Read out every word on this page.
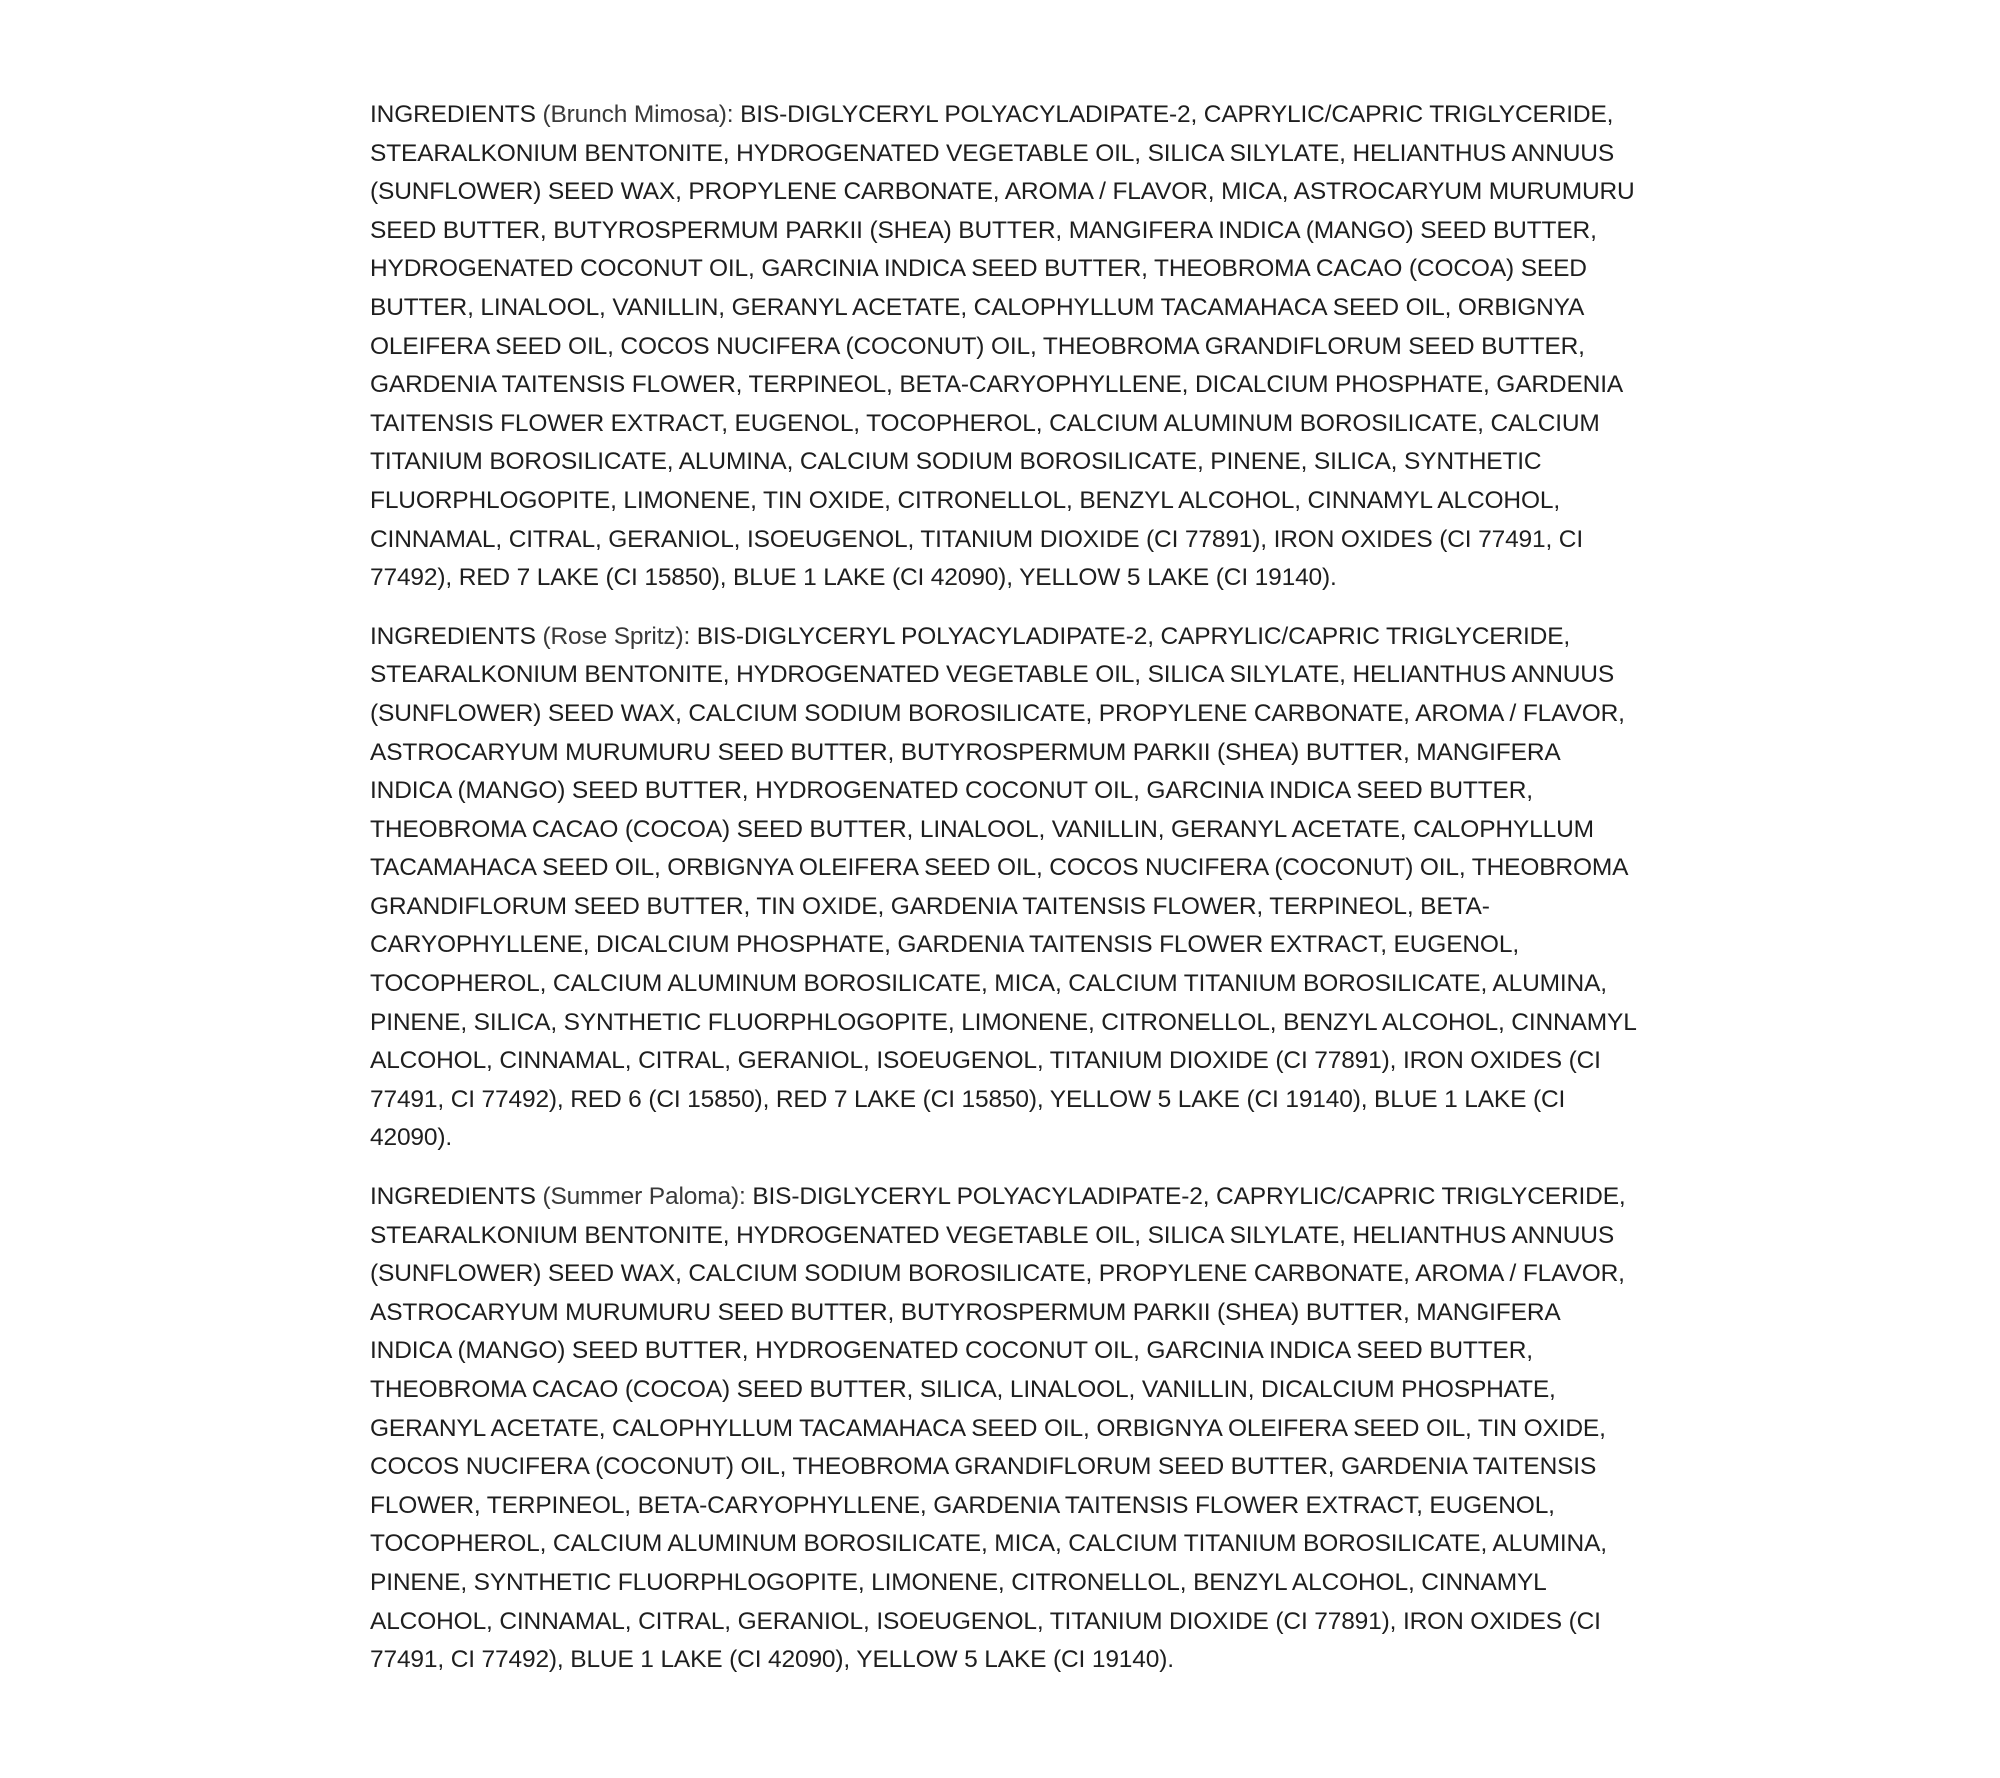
INGREDIENTS (Brunch Mimosa): BIS-DIGLYCERYL POLYACYLADIPATE-2, CAPRYLIC/CAPRIC TRIGLYCERIDE, STEARALKONIUM BENTONITE, HYDROGENATED VEGETABLE OIL, SILICA SILYLATE, HELIANTHUS ANNUUS (SUNFLOWER) SEED WAX, PROPYLENE CARBONATE, AROMA / FLAVOR, MICA, ASTROCARYUM MURUMURU SEED BUTTER, BUTYROSPERMUM PARKII (SHEA) BUTTER, MANGIFERA INDICA (MANGO) SEED BUTTER, HYDROGENATED COCONUT OIL, GARCINIA INDICA SEED BUTTER, THEOBROMA CACAO (COCOA) SEED BUTTER, LINALOOL, VANILLIN, GERANYL ACETATE, CALOPHYLLUM TACAMAHACA SEED OIL, ORBIGNYA OLEIFERA SEED OIL, COCOS NUCIFERA (COCONUT) OIL, THEOBROMA GRANDIFLORUM SEED BUTTER, GARDENIA TAITENSIS FLOWER, TERPINEOL, BETA-CARYOPHYLLENE, DICALCIUM PHOSPHATE, GARDENIA TAITENSIS FLOWER EXTRACT, EUGENOL, TOCOPHEROL, CALCIUM ALUMINUM BOROSILICATE, CALCIUM TITANIUM BOROSILICATE, ALUMINA, CALCIUM SODIUM BOROSILICATE, PINENE, SILICA, SYNTHETIC FLUORPHLOGOPITE, LIMONENE, TIN OXIDE, CITRONELLOL, BENZYL ALCOHOL, CINNAMYL ALCOHOL, CINNAMAL, CITRAL, GERANIOL, ISOEUGENOL, TITANIUM DIOXIDE (CI 77891), IRON OXIDES (CI 77491, CI 77492), RED 7 LAKE (CI 15850), BLUE 1 LAKE (CI 42090), YELLOW 5 LAKE (CI 19140).

INGREDIENTS (Rose Spritz): BIS-DIGLYCERYL POLYACYLADIPATE-2, CAPRYLIC/CAPRIC TRIGLYCERIDE, STEARALKONIUM BENTONITE, HYDROGENATED VEGETABLE OIL, SILICA SILYLATE, HELIANTHUS ANNUUS (SUNFLOWER) SEED WAX, CALCIUM SODIUM BOROSILICATE, PROPYLENE CARBONATE, AROMA / FLAVOR, ASTROCARYUM MURUMURU SEED BUTTER, BUTYROSPERMUM PARKII (SHEA) BUTTER, MANGIFERA INDICA (MANGO) SEED BUTTER, HYDROGENATED COCONUT OIL, GARCINIA INDICA SEED BUTTER, THEOBROMA CACAO (COCOA) SEED BUTTER, LINALOOL, VANILLIN, GERANYL ACETATE, CALOPHYLLUM TACAMAHACA SEED OIL, ORBIGNYA OLEIFERA SEED OIL, COCOS NUCIFERA (COCONUT) OIL, THEOBROMA GRANDIFLORUM SEED BUTTER, TIN OXIDE, GARDENIA TAITENSIS FLOWER, TERPINEOL, BETA-CARYOPHYLLENE, DICALCIUM PHOSPHATE, GARDENIA TAITENSIS FLOWER EXTRACT, EUGENOL, TOCOPHEROL, CALCIUM ALUMINUM BOROSILICATE, MICA, CALCIUM TITANIUM BOROSILICATE, ALUMINA, PINENE, SILICA, SYNTHETIC FLUORPHLOGOPITE, LIMONENE, CITRONELLOL, BENZYL ALCOHOL, CINNAMYL ALCOHOL, CINNAMAL, CITRAL, GERANIOL, ISOEUGENOL, TITANIUM DIOXIDE (CI 77891), IRON OXIDES (CI 77491, CI 77492), RED 6 (CI 15850), RED 7 LAKE (CI 15850), YELLOW 5 LAKE (CI 19140), BLUE 1 LAKE (CI 42090).

INGREDIENTS (Summer Paloma): BIS-DIGLYCERYL POLYACYLADIPATE-2, CAPRYLIC/CAPRIC TRIGLYCERIDE, STEARALKONIUM BENTONITE, HYDROGENATED VEGETABLE OIL, SILICA SILYLATE, HELIANTHUS ANNUUS (SUNFLOWER) SEED WAX, CALCIUM SODIUM BOROSILICATE, PROPYLENE CARBONATE, AROMA / FLAVOR, ASTROCARYUM MURUMURU SEED BUTTER, BUTYROSPERMUM PARKII (SHEA) BUTTER, MANGIFERA INDICA (MANGO) SEED BUTTER, HYDROGENATED COCONUT OIL, GARCINIA INDICA SEED BUTTER, THEOBROMA CACAO (COCOA) SEED BUTTER, SILICA, LINALOOL, VANILLIN, DICALCIUM PHOSPHATE, GERANYL ACETATE, CALOPHYLLUM TACAMAHACA SEED OIL, ORBIGNYA OLEIFERA SEED OIL, TIN OXIDE, COCOS NUCIFERA (COCONUT) OIL, THEOBROMA GRANDIFLORUM SEED BUTTER, GARDENIA TAITENSIS FLOWER, TERPINEOL, BETA-CARYOPHYLLENE, GARDENIA TAITENSIS FLOWER EXTRACT, EUGENOL, TOCOPHEROL, CALCIUM ALUMINUM BOROSILICATE, MICA, CALCIUM TITANIUM BOROSILICATE, ALUMINA, PINENE, SYNTHETIC FLUORPHLOGOPITE, LIMONENE, CITRONELLOL, BENZYL ALCOHOL, CINNAMYL ALCOHOL, CINNAMAL, CITRAL, GERANIOL, ISOEUGENOL, TITANIUM DIOXIDE (CI 77891), IRON OXIDES (CI 77491, CI 77492), BLUE 1 LAKE (CI 42090), YELLOW 5 LAKE (CI 19140).
